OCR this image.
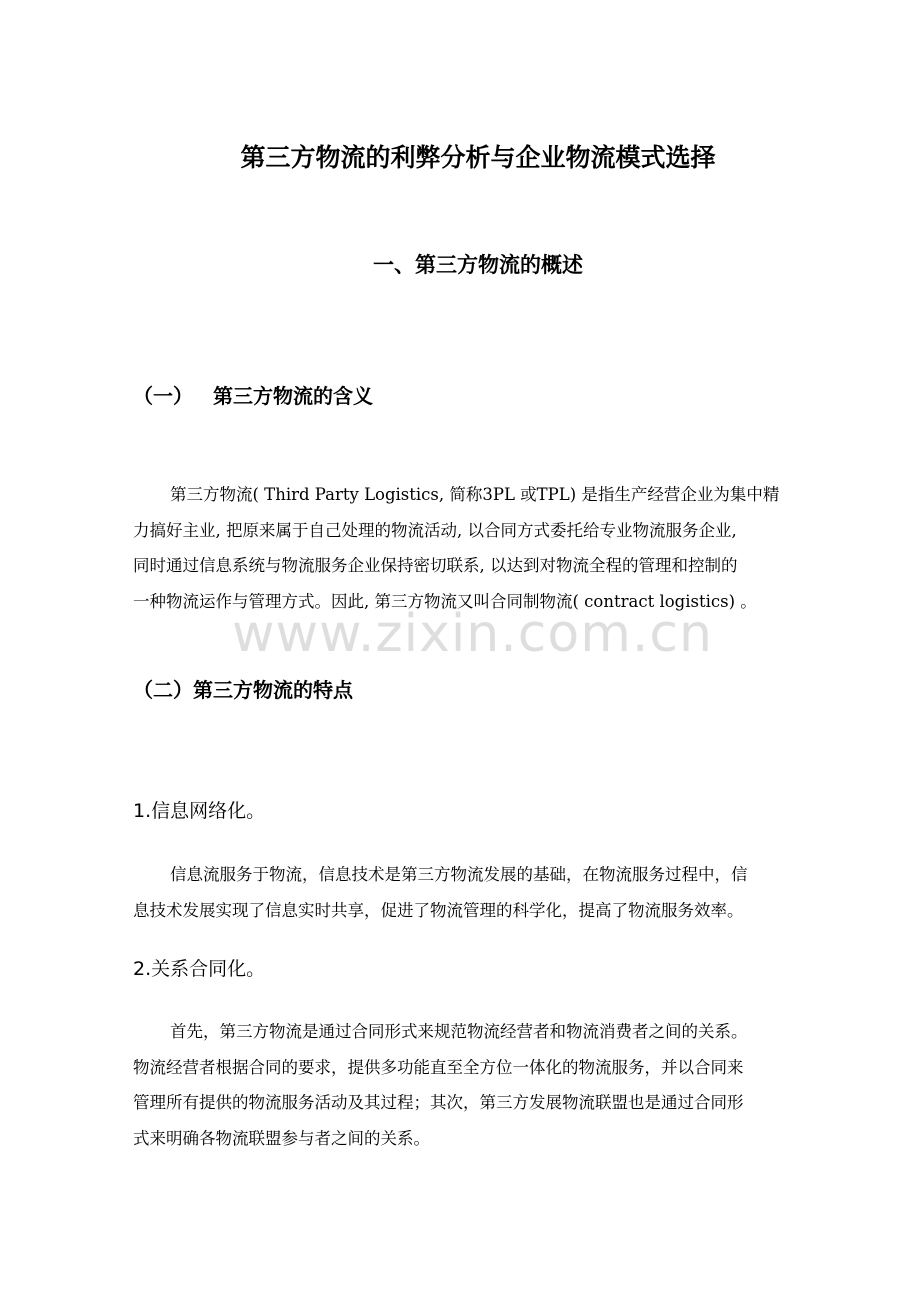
第三方物流的利弊分析与企业物流模式选择
一、第三方物流的概述
（一） 第三方物流的含义
第三方物流( Third Party Logistics, 简称3PL 或TPL) 是指生产经营企业为集中精
力搞好主业, 把原来属于自己处理的物流活动, 以合同方式委托给专业物流服务企业,
同时通过信息系统与物流服务企业保持密切联系, 以达到对物流全程的管理和控制的
一种物流运作与管理方式。因此, 第三方物流又叫合同制物流( contract logistics) 。
www.zixin.com.cn
（二）第三方物流的特点
1.信息网络化。
信息流服务于物流，信息技术是第三方物流发展的基础，在物流服务过程中，信
息技术发展实现了信息实时共享，促进了物流管理的科学化，提高了物流服务效率。
2.关系合同化。
首先，第三方物流是通过合同形式来规范物流经营者和物流消费者之间的关系。
物流经营者根据合同的要求，提供多功能直至全方位一体化的物流服务，并以合同来
管理所有提供的物流服务活动及其过程；其次，第三方发展物流联盟也是通过合同形
式来明确各物流联盟参与者之间的关系。
